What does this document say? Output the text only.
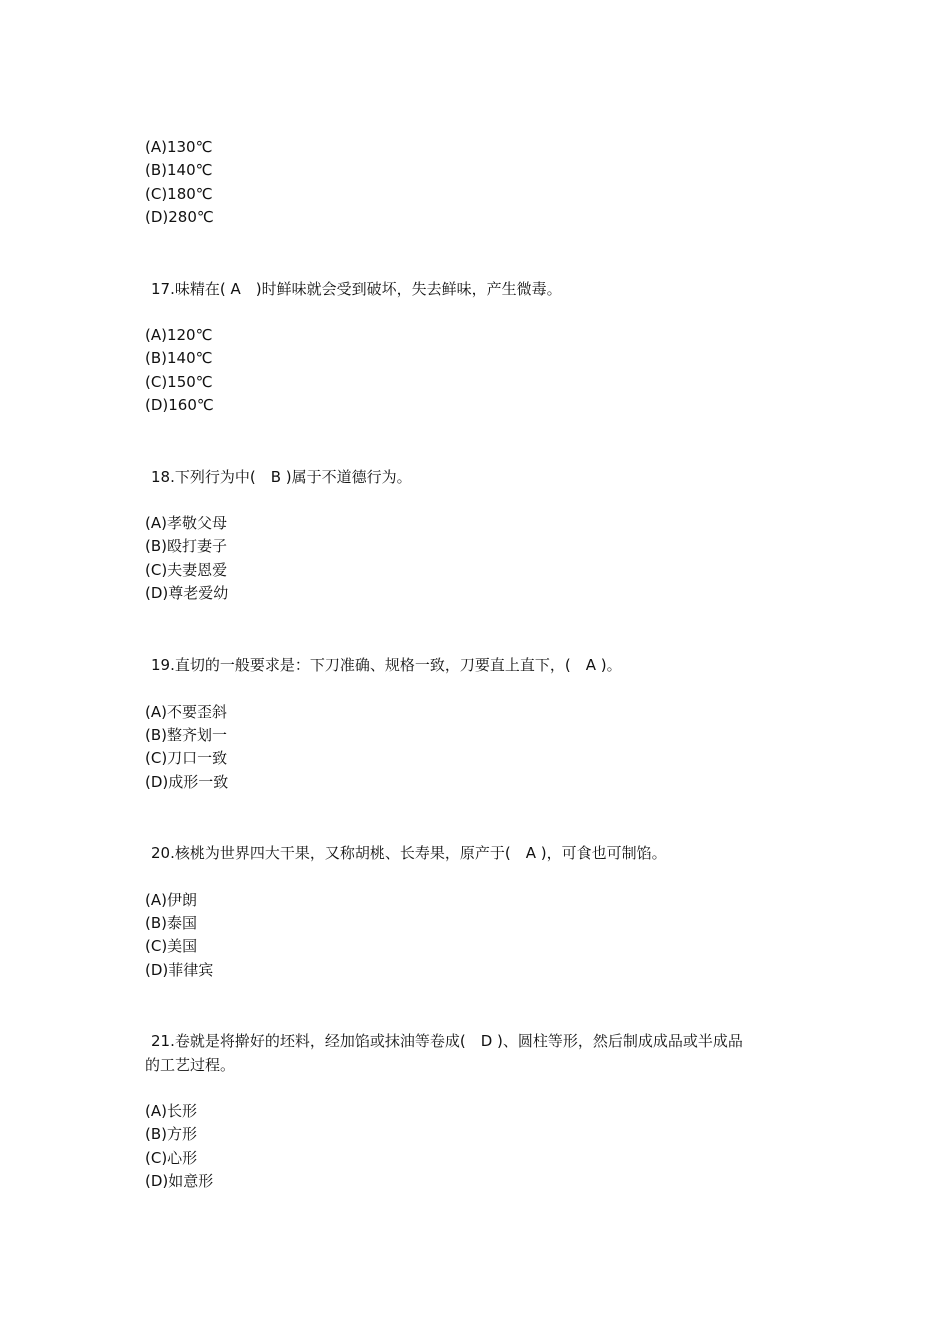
(A)130℃
(B)140℃
(C)180℃
(D)280℃
17.味精在( A　)时鲜味就会受到破坏，失去鲜味，产生微毒。
(A)120℃
(B)140℃
(C)150℃
(D)160℃
18.下列行为中(　B )属于不道德行为。
(A)孝敬父母
(B)殴打妻子
(C)夫妻恩爱
(D)尊老爱幼
19.直切的一般要求是：下刀准确、规格一致，刀要直上直下，(　A )。
(A)不要歪斜
(B)整齐划一
(C)刀口一致
(D)成形一致
20.核桃为世界四大干果，又称胡桃、长寿果，原产于(　A )，可食也可制馅。
(A)伊朗
(B)泰国
(C)美国
(D)菲律宾
21.卷就是将擀好的坯料，经加馅或抹油等卷成(　D )、圆柱等形，然后制成成品或半成品
的工艺过程。
(A)长形
(B)方形
(C)心形
(D)如意形
